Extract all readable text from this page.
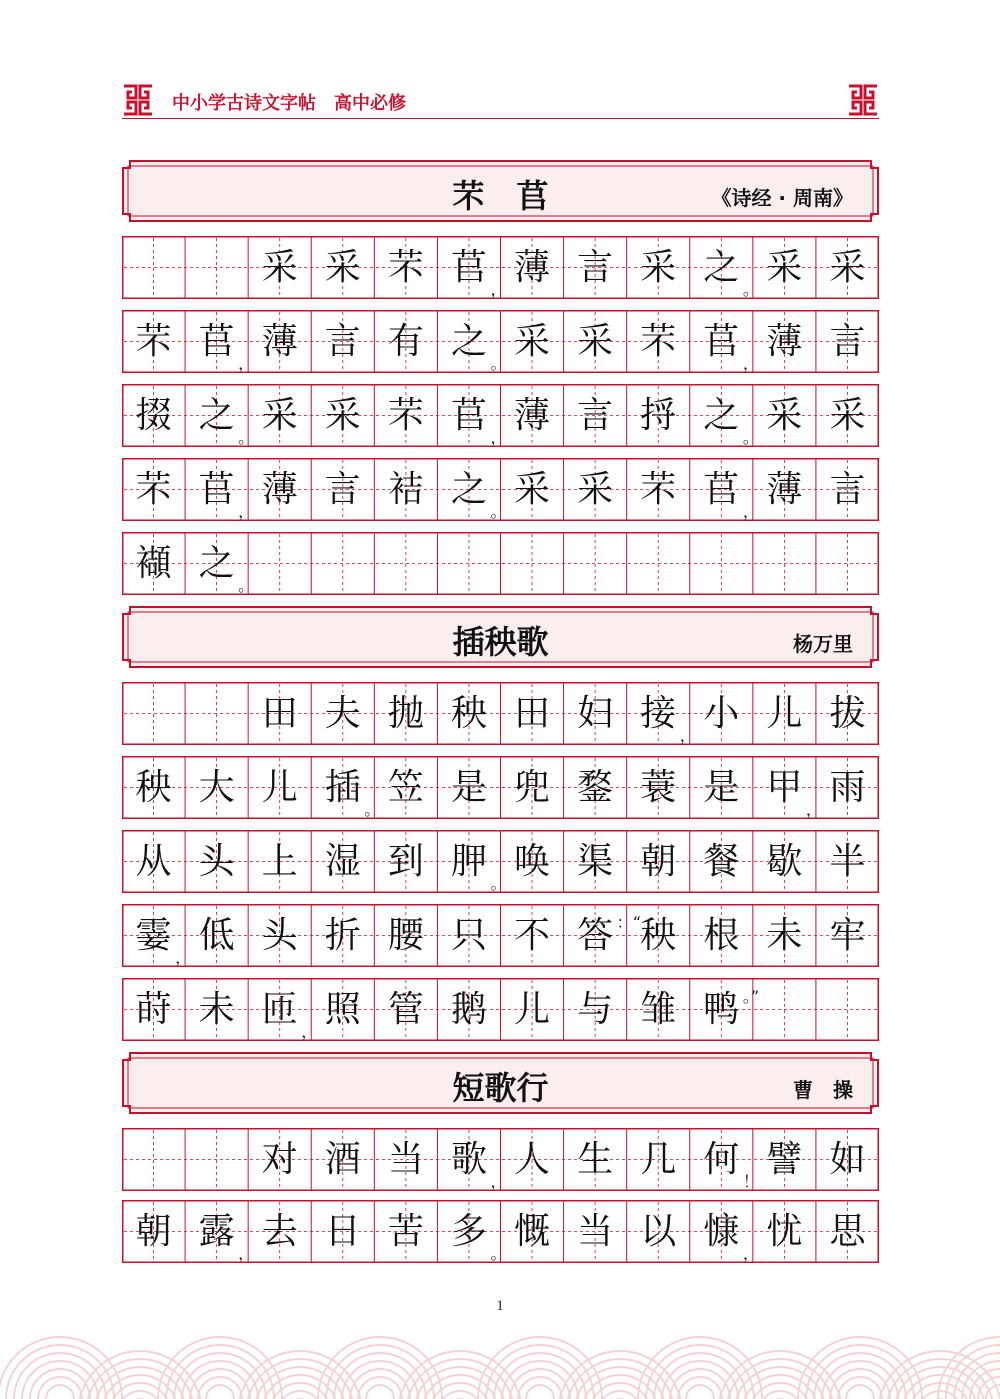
中小学古诗文字帖　高中必修
芣　苢	《诗经 · 周南》
采 采 芣 苢
，
薄 言 采 之
。
采 采
芣 苢
，
薄 言 有 之
。
采 采 芣 苢
，
薄 言
掇 之
。
采 采 芣 苢
，
薄 言 捋 之
。
采 采
芣 苢
，
薄 言 袺 之
。
采 采 芣 苢
，
薄 言
襭 之
。
插秧歌	杨万里
田 夫 抛 秧 田 妇 接
，
小 儿 拔
秧 大 儿 插
。
笠 是 兜 鍪 蓑 是 甲
，
雨
从 头 上 湿 到 胛
。
唤 渠 朝 餐 歇 半
霎
，
低 头 折 腰 只 不 答 ：“ 秧 根 未 牢
莳 未 匝
，
照 管 鹅 儿 与 雏 鸭 。”
短歌行	曹　操
对 酒 当 歌
，
人 生 几 何
！
譬 如
朝 露
，
去 日 苦 多
。
慨 当 以 慷
，
忧 思
1
